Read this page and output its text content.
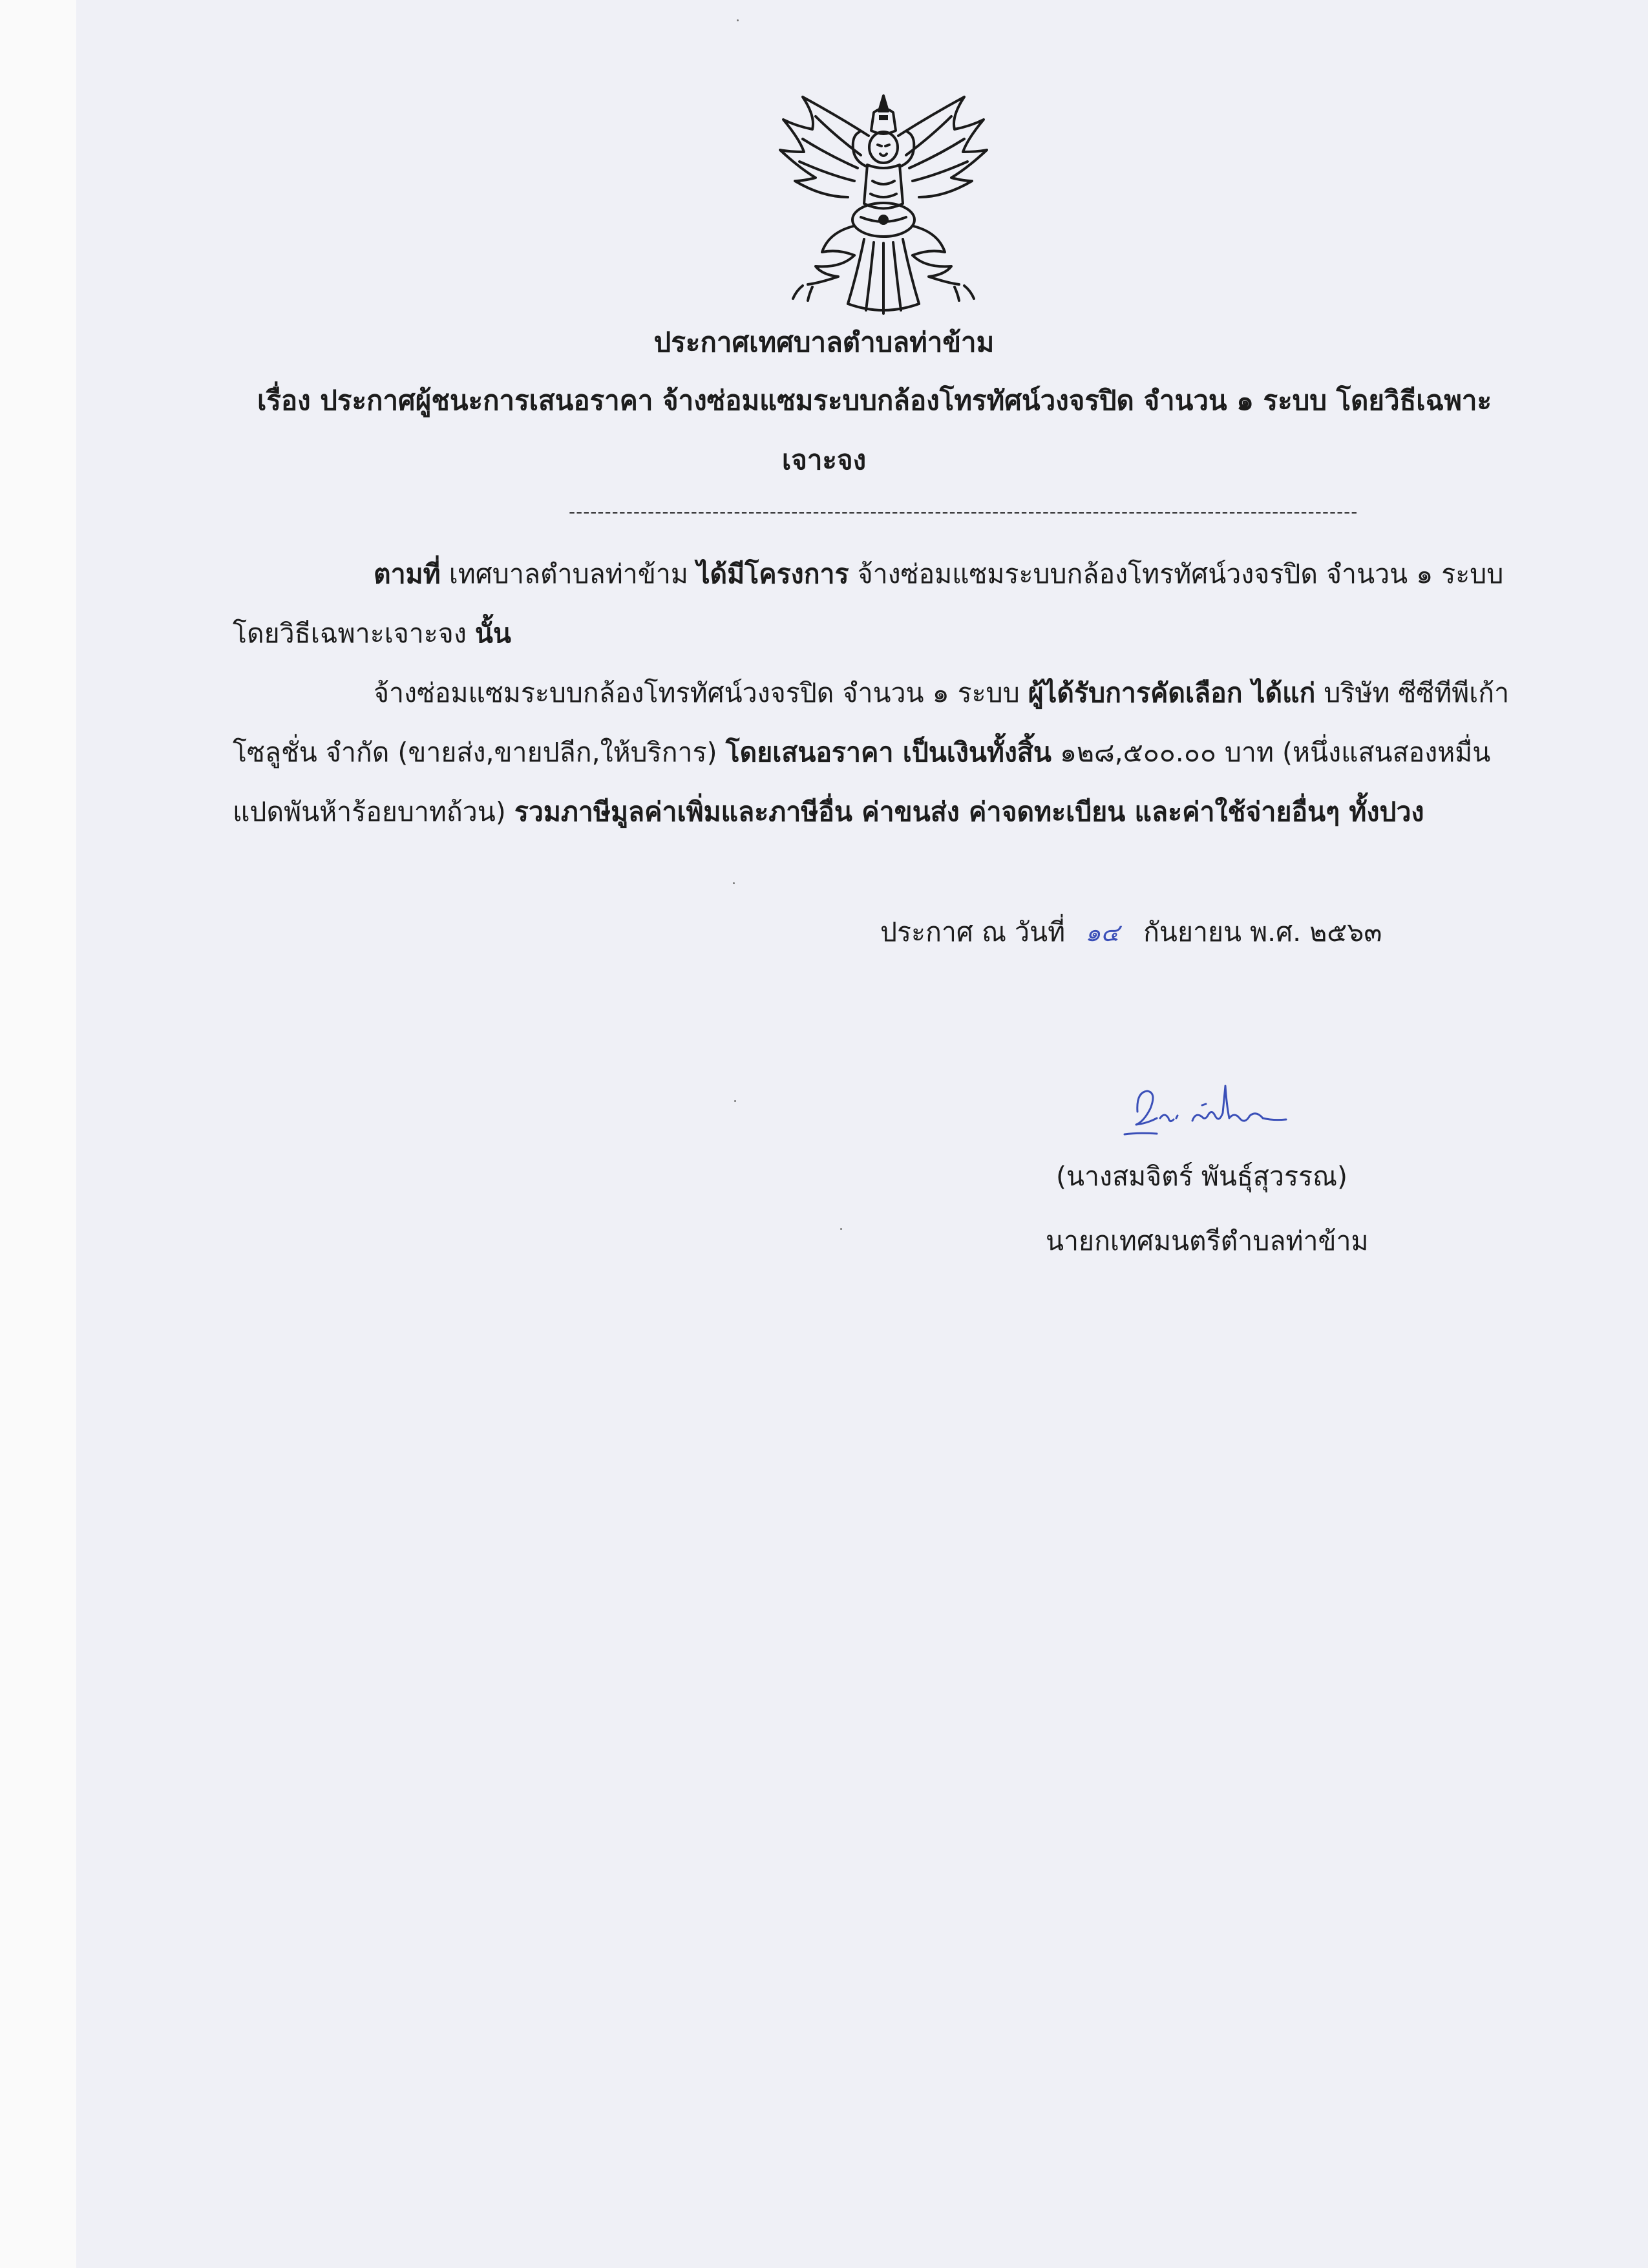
ประกาศเทศบาลตำบลท่าข้าม
เรื่อง ประกาศผู้ชนะการเสนอราคา จ้างซ่อมแซมระบบกล้องโทรทัศน์วงจรปิด จำนวน ๑ ระบบ โดยวิธีเฉพาะ
เจาะจง
--------------------------------------------------------------------------------------------------------------
ตามที่ เทศบาลตำบลท่าข้าม ได้มีโครงการ จ้างซ่อมแซมระบบกล้องโทรทัศน์วงจรปิด จำนวน ๑ ระบบ
โดยวิธีเฉพาะเจาะจง นั้น
จ้างซ่อมแซมระบบกล้องโทรทัศน์วงจรปิด จำนวน ๑ ระบบ ผู้ได้รับการคัดเลือก ได้แก่ บริษัท ซีซีทีพีเก้า
โซลูชั่น จำกัด (ขายส่ง,ขายปลีก,ให้บริการ) โดยเสนอราคา เป็นเงินทั้งสิ้น ๑๒๘,๕๐๐.๐๐ บาท (หนึ่งแสนสองหมื่น
แปดพันห้าร้อยบาทถ้วน) รวมภาษีมูลค่าเพิ่มและภาษีอื่น ค่าขนส่ง ค่าจดทะเบียน และค่าใช้จ่ายอื่นๆ ทั้งปวง
ประกาศ ณ วันที่ ๑๔ กันยายน พ.ศ. ๒๕๖๓
(นางสมจิตร์ พันธุ์สุวรรณ)
นายกเทศมนตรีตำบลท่าข้าม
